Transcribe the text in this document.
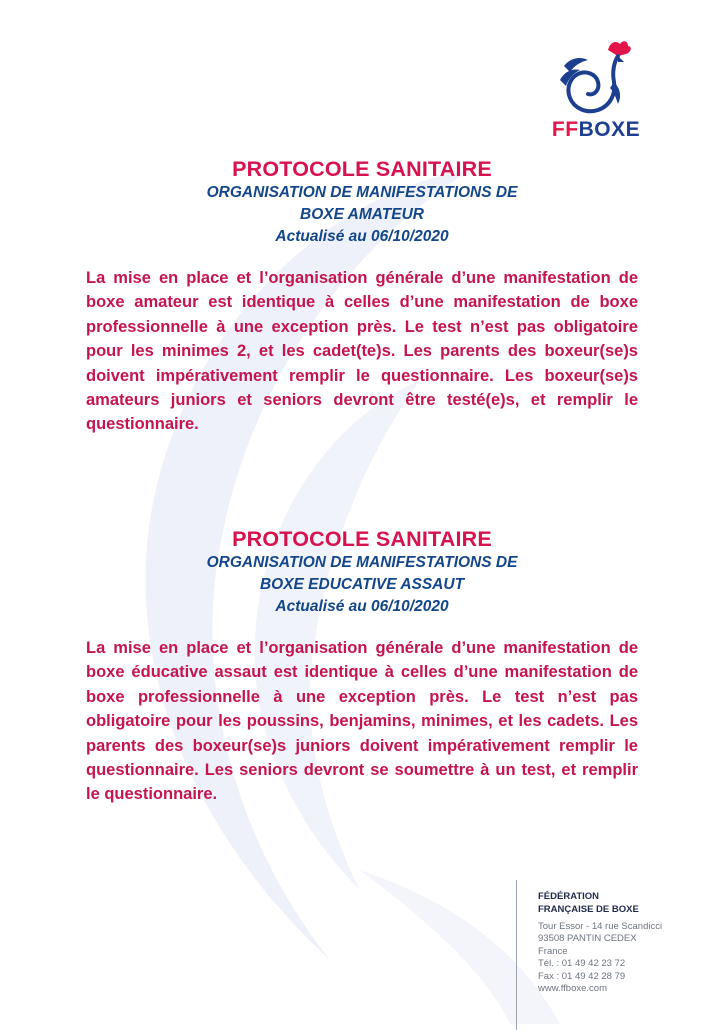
FFBOXE
PROTOCOLE SANITAIRE
ORGANISATION DE MANIFESTATIONS DE
BOXE AMATEUR
Actualisé au 06/10/2020
La mise en place et l’organisation générale d’une manifestation de boxe amateur est identique à celles d’une manifestation de boxe professionnelle à une exception près. Le test n’est pas obligatoire pour les minimes 2, et les cadet(te)s. Les parents des boxeur(se)s doivent impérativement remplir le questionnaire. Les boxeur(se)s amateurs juniors et seniors devront être testé(e)s, et remplir le questionnaire.
PROTOCOLE SANITAIRE
ORGANISATION DE MANIFESTATIONS DE
BOXE EDUCATIVE ASSAUT
Actualisé au 06/10/2020
La mise en place et l’organisation générale d’une manifestation de boxe éducative assaut est identique à celles d’une manifestation de boxe professionnelle à une exception près. Le test n’est pas obligatoire pour les poussins, benjamins, minimes, et les cadets. Les parents des boxeur(se)s juniors doivent impérativement remplir le questionnaire. Les seniors devront se soumettre à un test, et remplir le questionnaire.
FÉDÉRATION
FRANÇAISE DE BOXE
Tour Essor - 14 rue Scandicci
93508 PANTIN CEDEX
France
Tél. : 01 49 42 23 72
Fax : 01 49 42 28 79
www.ffboxe.com
